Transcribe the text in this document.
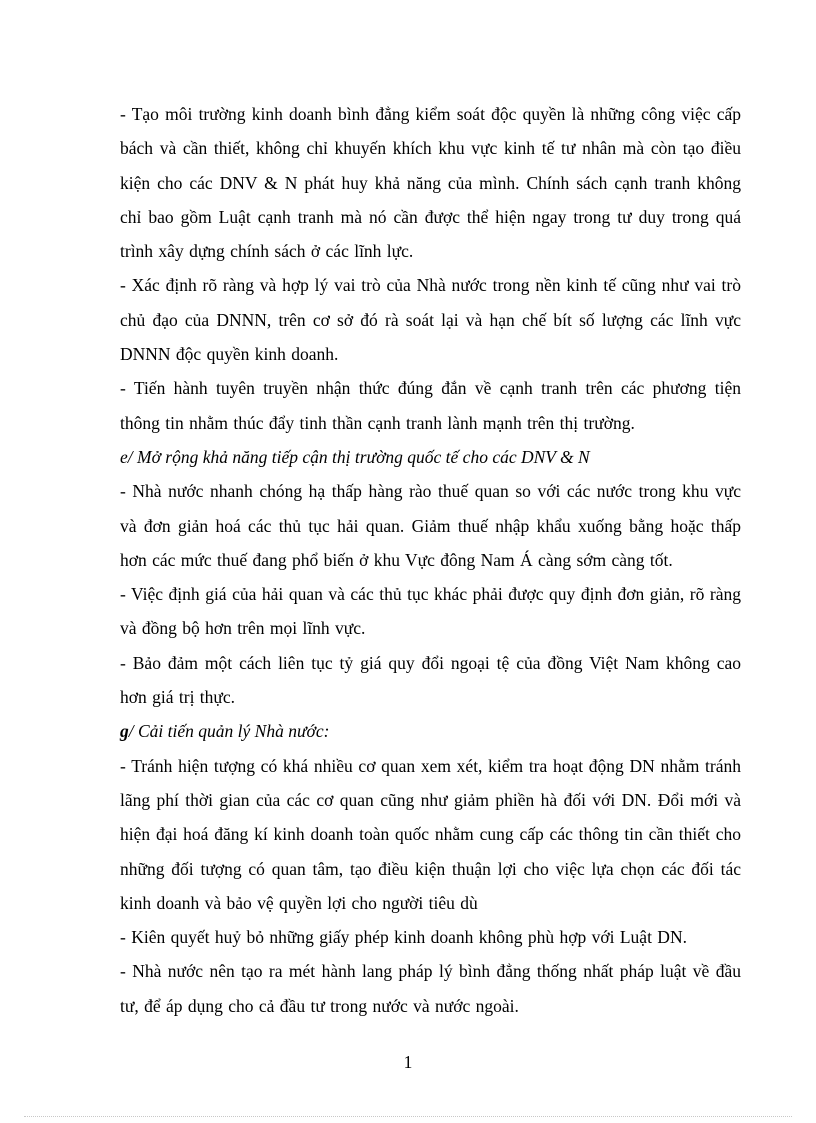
- Tạo môi trường kinh doanh bình đẳng kiểm soát độc quyền là những công việc cấp bách và cần thiết, không chỉ khuyến khích khu vực kinh tế tư nhân mà còn tạo điều kiện cho các DNV & N phát huy khả năng của mình. Chính sách cạnh tranh không chỉ bao gồm Luật cạnh tranh mà nó cần được thể hiện ngay trong tư duy trong quá trình xây dựng chính sách ở các lĩnh lực.

- Xác định rõ ràng và hợp lý vai trò của Nhà nước trong nền kinh tế cũng như vai trò chủ đạo của DNNN, trên cơ sở đó rà soát lại và hạn chế bít số lượng các lĩnh vực DNNN độc quyền kinh doanh.

- Tiến hành tuyên truyền nhận thức đúng đắn về cạnh tranh trên các phương tiện thông tin nhằm thúc đẩy tinh thần cạnh tranh lành mạnh trên thị trường.

e/ Mở rộng khả năng tiếp cận thị trường quốc tế cho các DNV & N

- Nhà nước nhanh chóng hạ thấp hàng rào thuế quan so với các nước trong khu vực và đơn giản hoá các thủ tục hải quan. Giảm thuế nhập khẩu xuống bằng hoặc thấp hơn các mức thuế đang phổ biến ở khu Vực đông Nam Á càng sớm càng tốt.

- Việc định giá của hải quan và các thủ tục khác phải được quy định đơn giản, rõ ràng và đồng bộ hơn trên mọi lĩnh vực.

- Bảo đảm một cách liên tục tỷ giá quy đổi ngoại tệ của đồng Việt Nam không cao hơn giá trị thực.

g/ Cải tiến quản lý Nhà nước:

- Tránh hiện tượng có khá nhiều cơ quan xem xét, kiểm tra hoạt động DN nhằm tránh lãng phí thời gian của các cơ quan cũng như giảm phiền hà đối với DN. Đổi mới và hiện đại hoá đăng kí kinh doanh toàn quốc nhằm cung cấp các thông tin cần thiết cho những đối tượng có quan tâm, tạo điều kiện thuận lợi cho việc lựa chọn các đối tác kinh doanh và bảo vệ quyền lợi cho người tiêu dù

- Kiên quyết huỷ bỏ những giấy phép kinh doanh không phù hợp với Luật DN.

- Nhà nước nên tạo ra mét hành lang pháp lý bình đẳng thống nhất pháp luật về đầu tư, để áp dụng cho cả đầu tư trong nước và nước ngoài.

1
